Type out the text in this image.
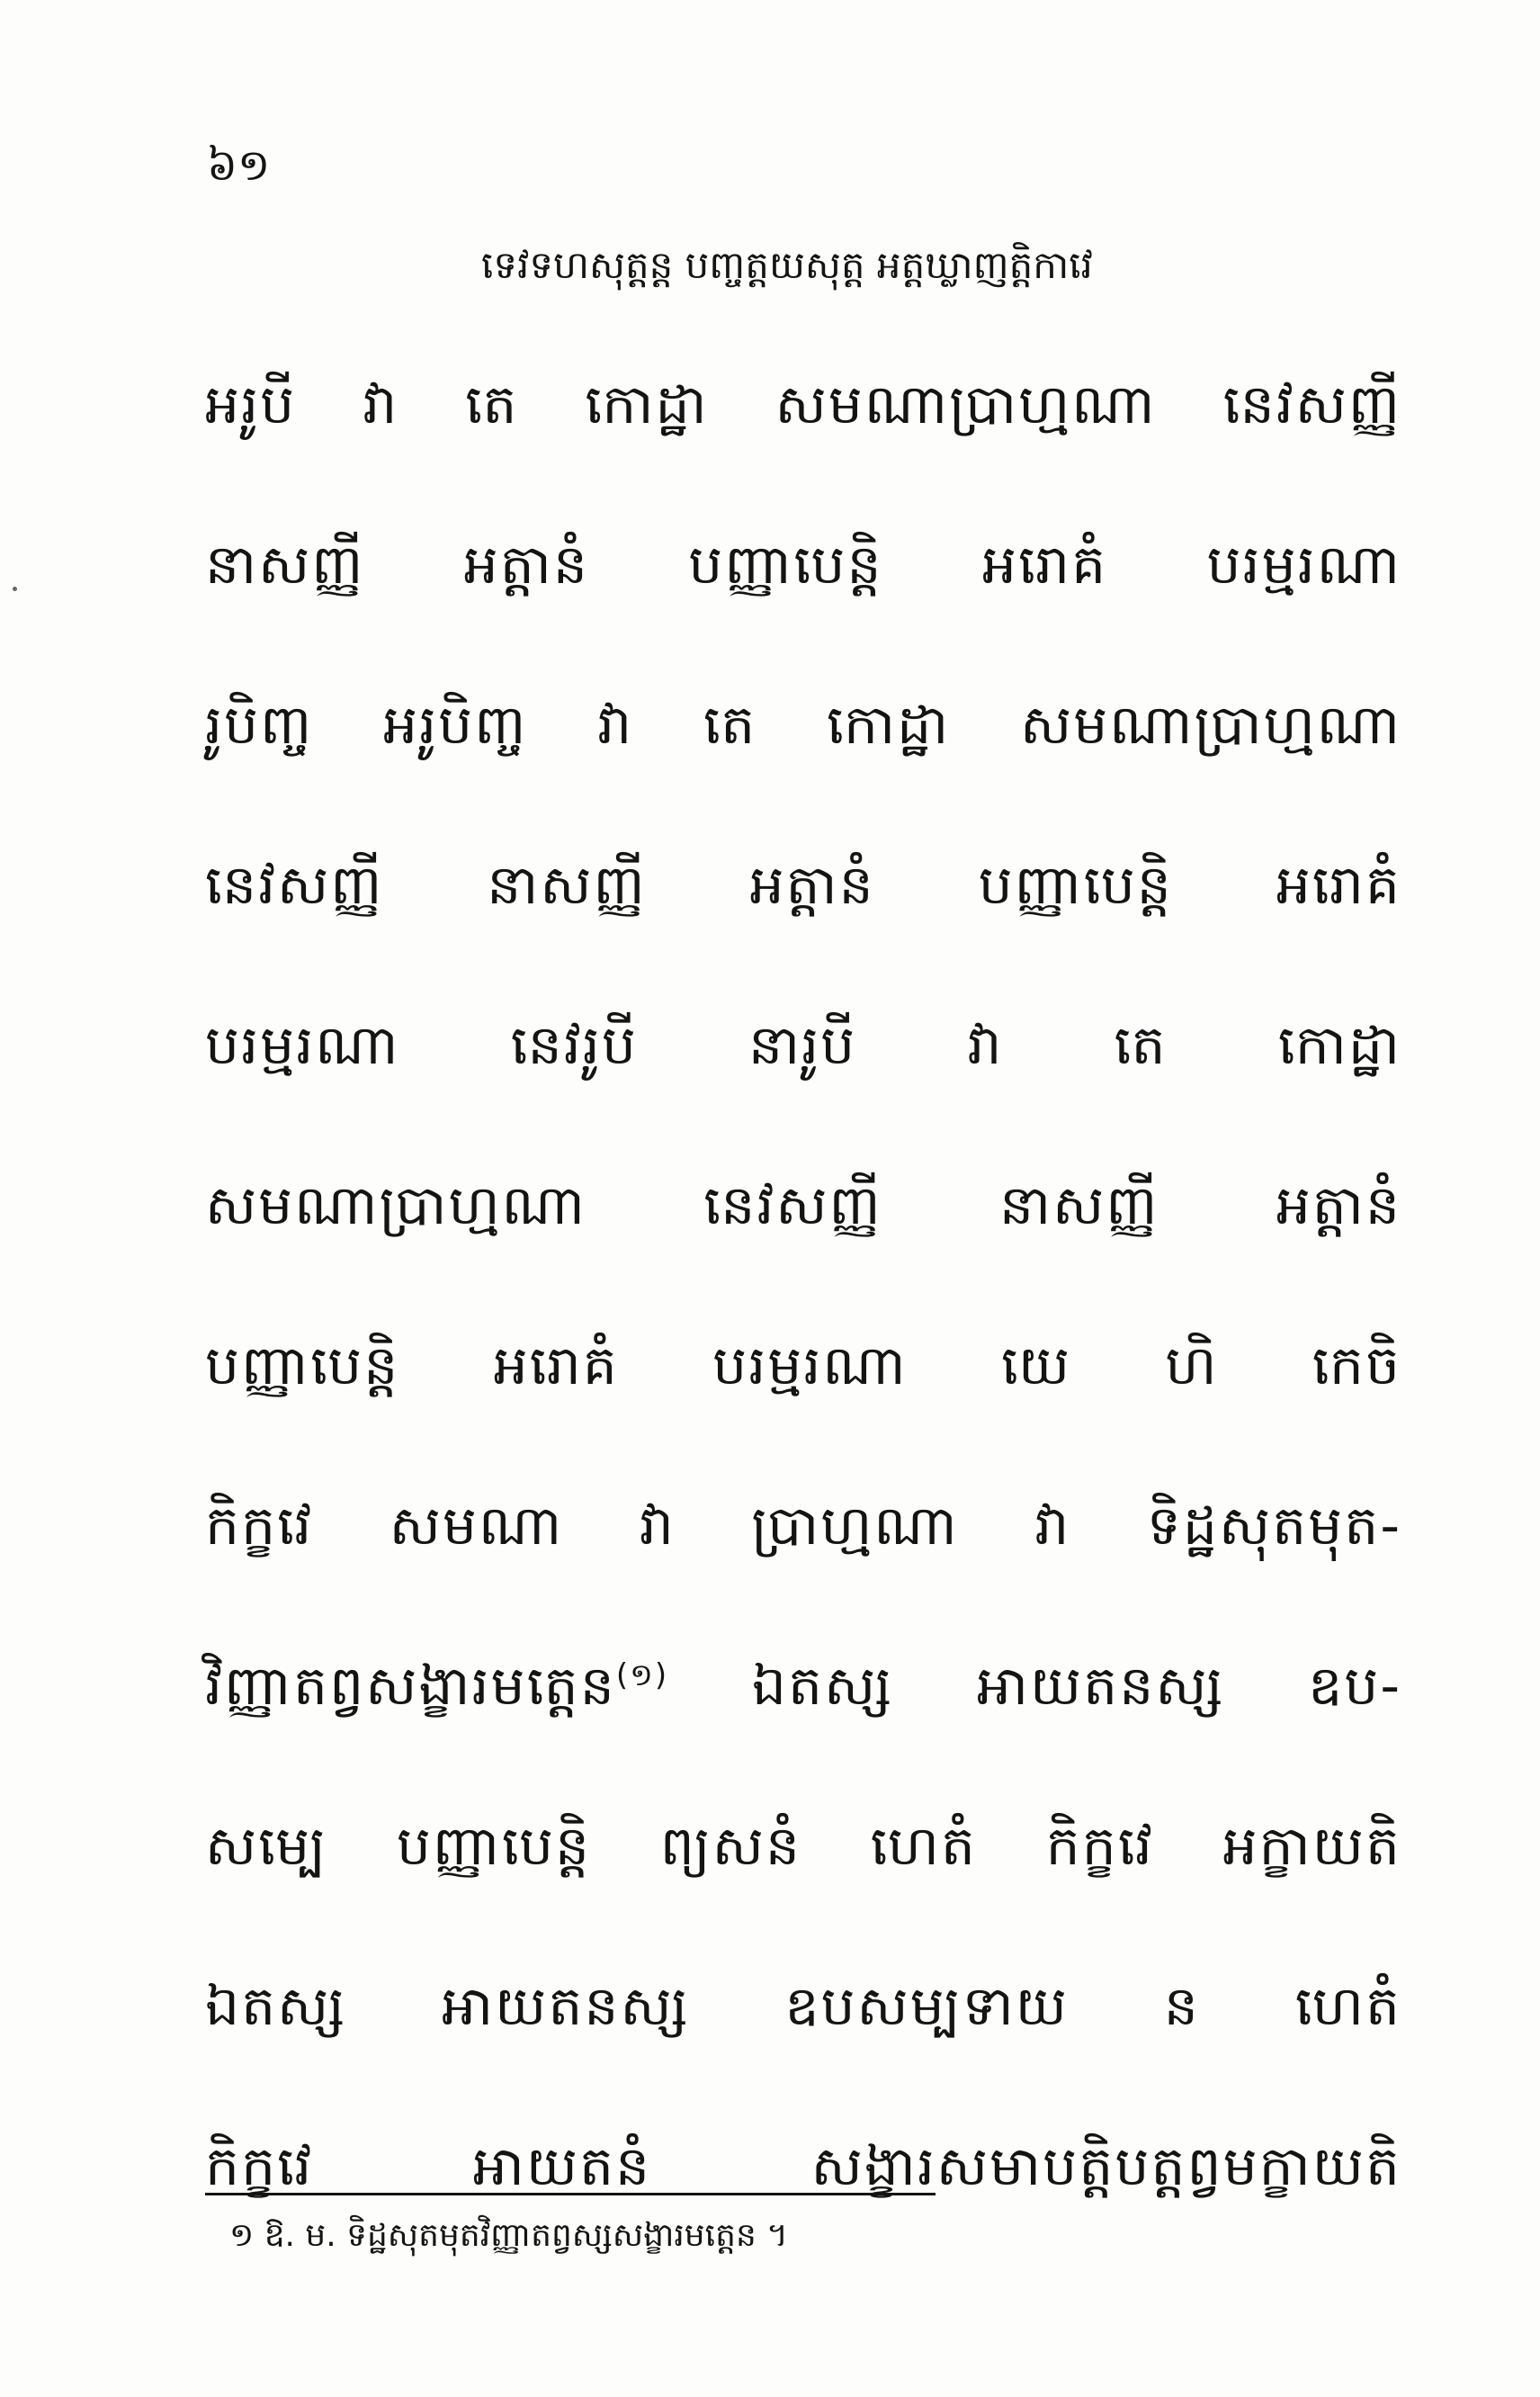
៦១
ទេវទហសុត្តន្ត បញ្ចត្តយសុត្ត អត្តឃ្លាញត្តិកាវេ
អរូបី វា តេ កោដ្ឋា សមណាប្រាហ្មណា នេវសញ្ញី
នាសញ្ញី អត្តានំ បញ្ញាបេន្តិ អរោគំ បរម្មរណា
រូបិញ្ច អរូបិញ្ច វា តេ កោដ្ឋា សមណាប្រាហ្មណា
នេវសញ្ញី នាសញ្ញី អត្តានំ បញ្ញាបេន្តិ អរោគំ
បរម្មរណា នេវរូបី នារូបី វា តេ កោដ្ឋា
សមណាប្រាហ្មណា នេវសញ្ញី នាសញ្ញី អត្តានំ
បញ្ញាបេន្តិ អរោគំ បរម្មរណា យេ ហិ កេចិ
កិក្ខវេ សមណា វា ប្រាហ្មណា វា ទិដ្ឋសុតមុត-
វិញ្ញាតព្វសង្ខារមត្តេន$^{(១)}$ ឯតស្ស អាយតនស្ស ឧប-
សម្បេ បញ្ញាបេន្តិ ព្យសនំ ហេតំ កិក្ខវេ អក្ខាយតិ
ឯតស្ស អាយតនស្ស ឧបសម្បទាយ ន ហេតំ
កិក្ខវេ អាយតនំ សង្ខារសមាបត្តិបត្តព្វមក្ខាយតិ
១ ឱ. ម. ទិដ្ឋសុតមុតវិញ្ញាតព្វស្សសង្ខារមត្តេន ។
